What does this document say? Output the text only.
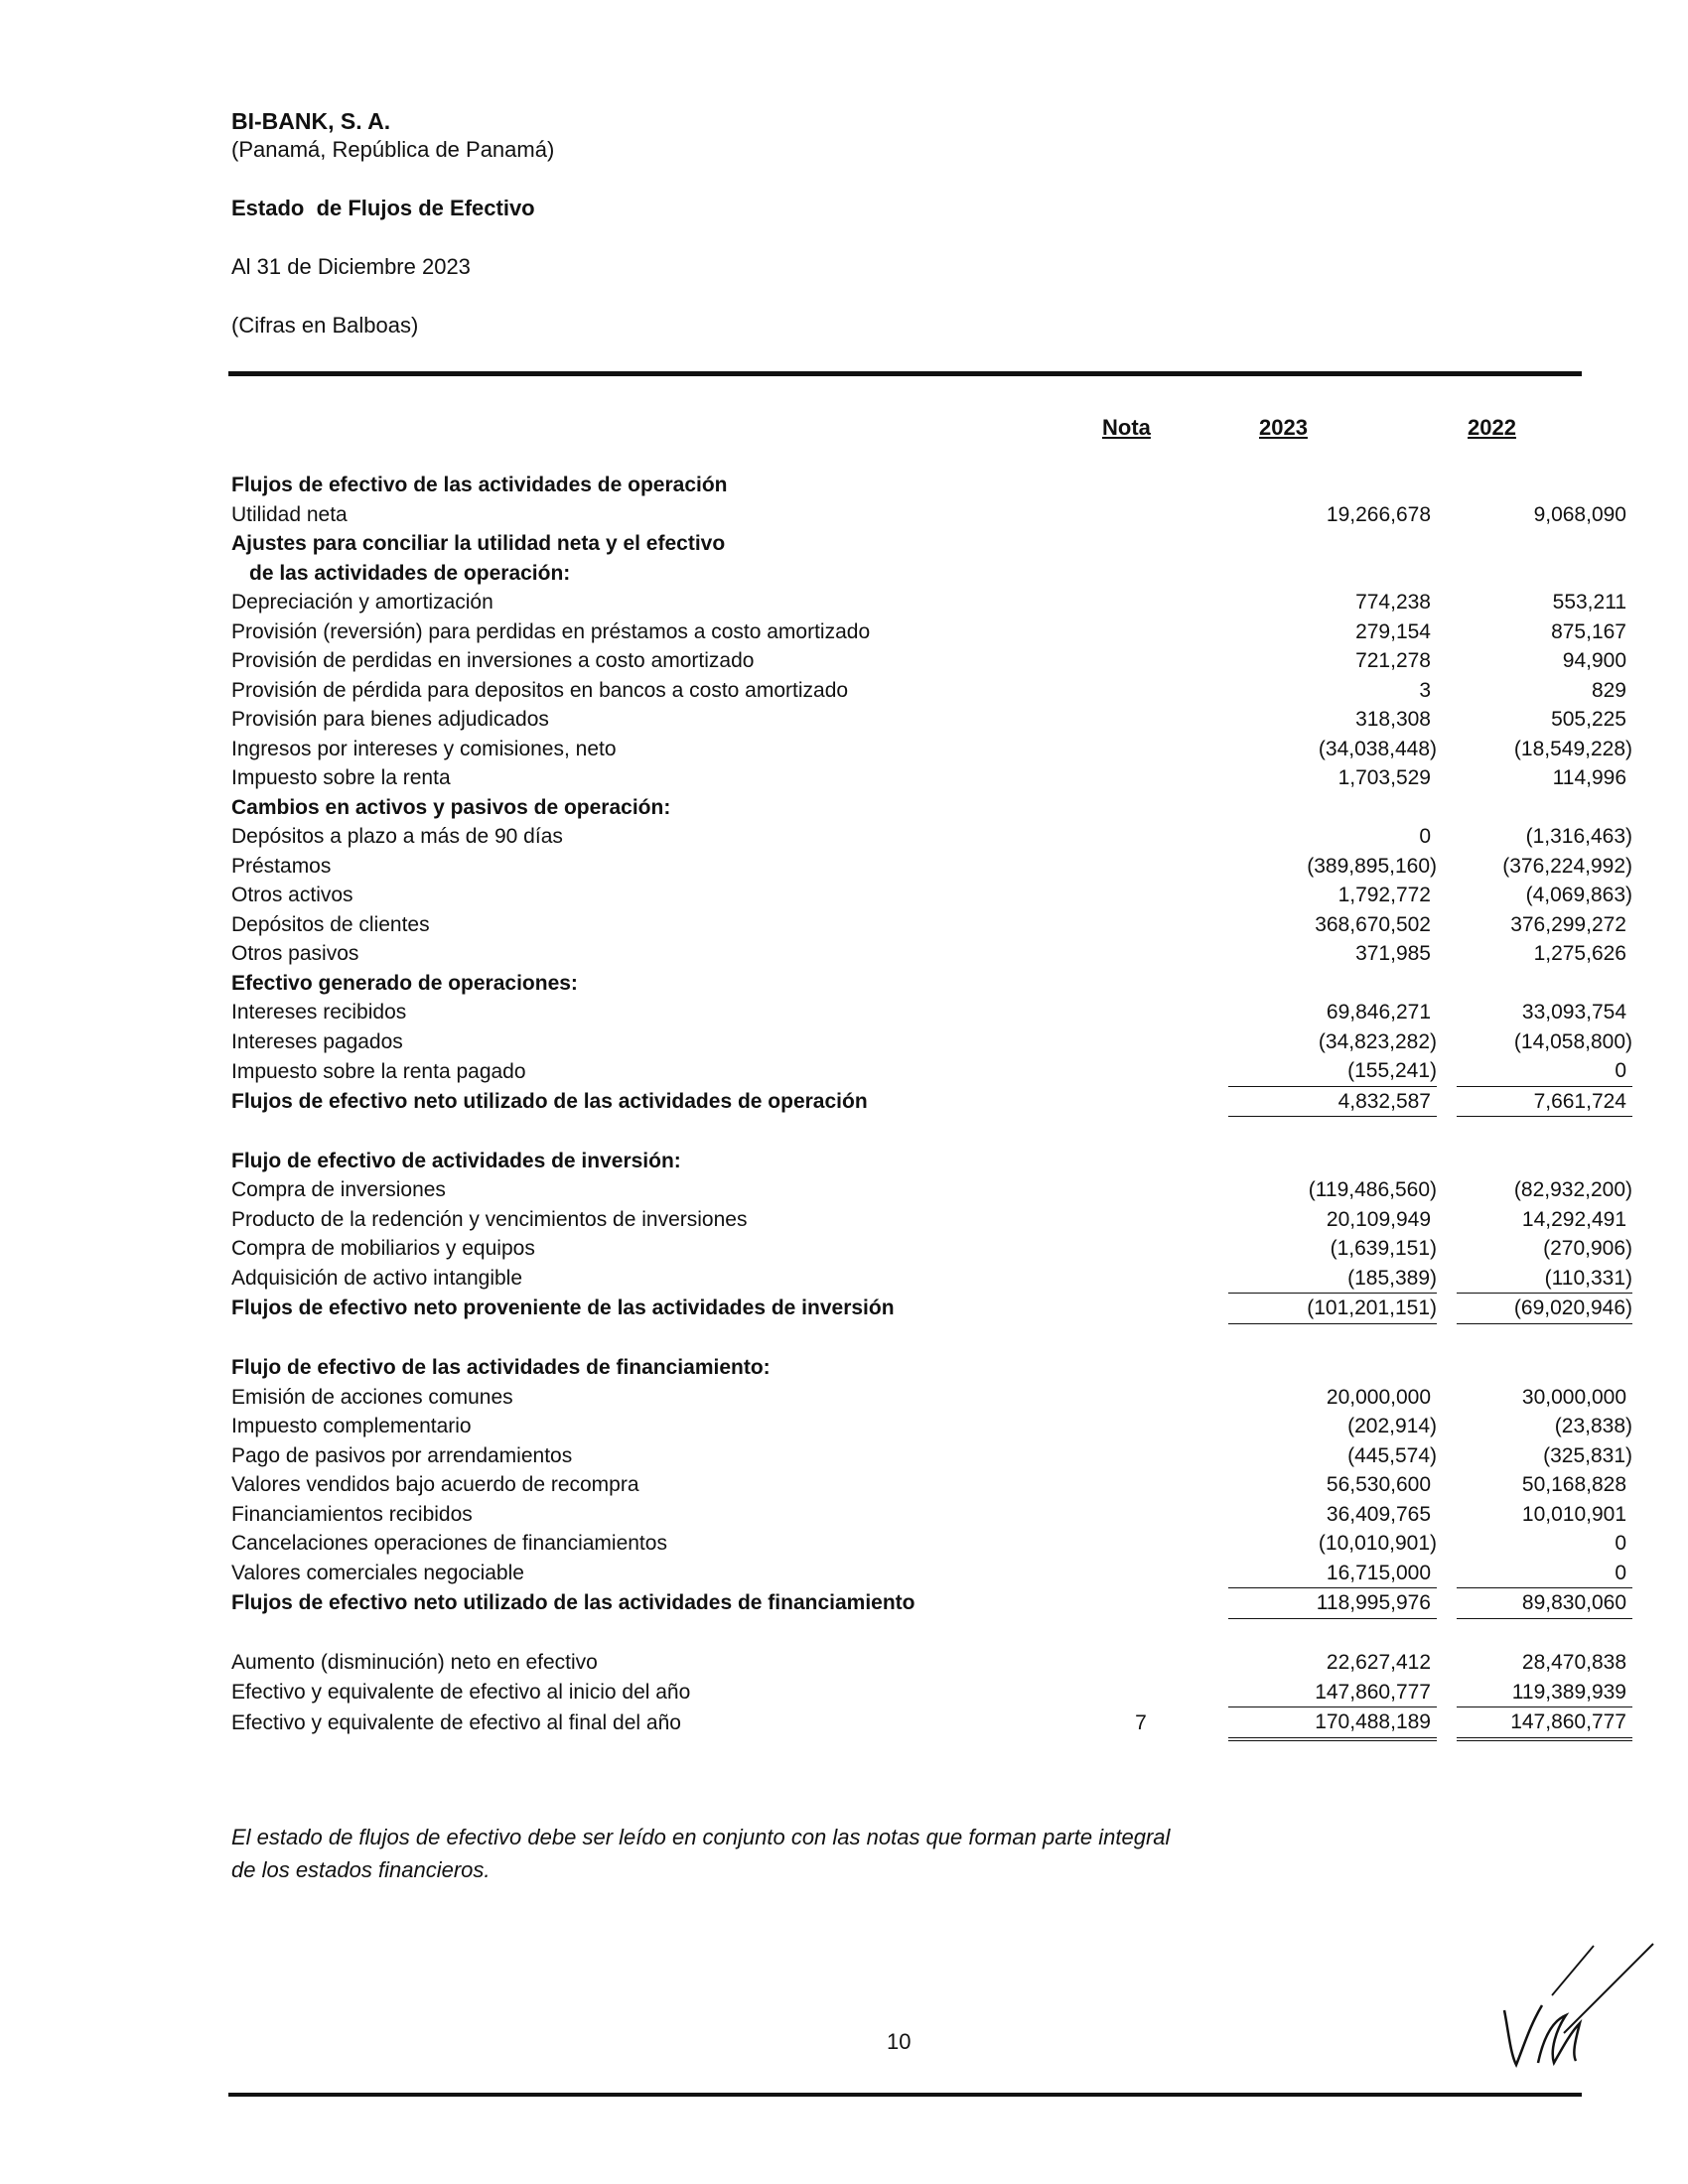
BI-BANK, S. A.
(Panamá, República de Panamá)
Estado  de Flujos de Efectivo
Al 31 de Diciembre 2023
(Cifras en Balboas)
Nota	2023	2022
Flujos de efectivo de las actividades de operación					
Utilidad neta			19,266,678		9,068,090
Ajustes para conciliar la utilidad neta y el efectivo					
de las actividades de operación:					
Depreciación y amortización			774,238		553,211
Provisión (reversión) para perdidas en préstamos a costo amortizado			279,154		875,167
Provisión de perdidas en inversiones a costo amortizado			721,278		94,900
Provisión de pérdida para depositos en bancos a costo amortizado			3		829
Provisión para bienes adjudicados			318,308		505,225
Ingresos por intereses y comisiones, neto			(34,038,448)		(18,549,228)
Impuesto sobre la renta			1,703,529		114,996
Cambios en activos y pasivos de operación:					
Depósitos a plazo a más de 90 días			0		(1,316,463)
Préstamos			(389,895,160)		(376,224,992)
Otros activos			1,792,772		(4,069,863)
Depósitos de clientes			368,670,502		376,299,272
Otros pasivos			371,985		1,275,626
Efectivo generado de operaciones:					
Intereses recibidos			69,846,271		33,093,754
Intereses pagados			(34,823,282)		(14,058,800)
Impuesto sobre la renta pagado			(155,241)		0
Flujos de efectivo neto utilizado de las actividades de operación			4,832,587		7,661,724

Flujo de efectivo de actividades de inversión:					
Compra de inversiones			(119,486,560)		(82,932,200)
Producto de la redención y vencimientos de inversiones			20,109,949		14,292,491
Compra de mobiliarios y equipos			(1,639,151)		(270,906)
Adquisición de activo intangible			(185,389)		(110,331)
Flujos de efectivo neto proveniente de las actividades de inversión			(101,201,151)		(69,020,946)

Flujo de efectivo de las actividades de financiamiento:					
Emisión de acciones comunes			20,000,000		30,000,000
Impuesto complementario			(202,914)		(23,838)
Pago de pasivos por arrendamientos			(445,574)		(325,831)
Valores vendidos bajo acuerdo de recompra			56,530,600		50,168,828
Financiamientos recibidos			36,409,765		10,010,901
Cancelaciones operaciones de financiamientos			(10,010,901)		0
Valores comerciales negociable			16,715,000		0
Flujos de efectivo neto utilizado de las actividades de financiamiento			118,995,976		89,830,060

Aumento (disminución) neto en efectivo			22,627,412		28,470,838
Efectivo y equivalente de efectivo al inicio del año			147,860,777		119,389,939
Efectivo y equivalente de efectivo al final del año	7		170,488,189		147,860,777
El estado de flujos de efectivo debe ser leído en conjunto con las notas que forman parte integral
de los estados financieros.
10
